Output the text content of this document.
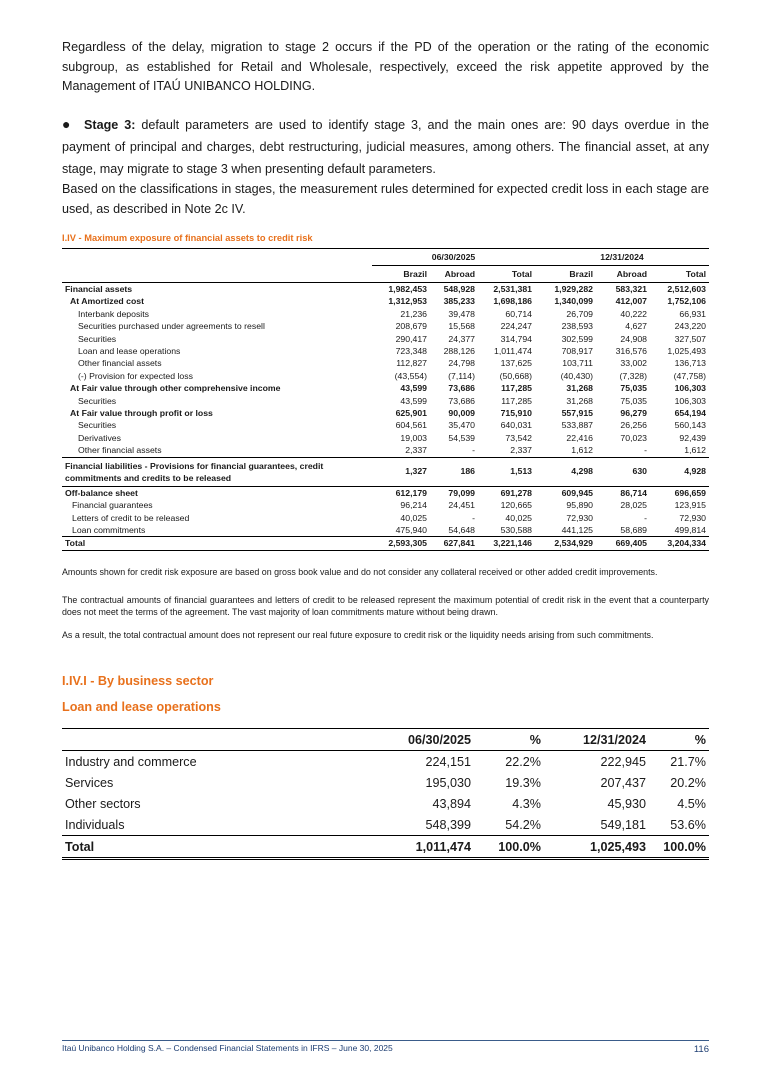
Regardless of the delay, migration to stage 2 occurs if the PD of the operation or the rating of the economic subgroup, as established for Retail and Wholesale, respectively, exceed the risk appetite approved by the Management of ITAÚ UNIBANCO HOLDING.

● Stage 3: default parameters are used to identify stage 3, and the main ones are: 90 days overdue in the payment of principal and charges, debt restructuring, judicial measures, among others. The financial asset, at any stage, may migrate to stage 3 when presenting default parameters.

Based on the classifications in stages, the measurement rules determined for expected credit loss in each stage are used, as described in Note 2c IV.

I.IV - Maximum exposure of financial assets to credit risk
	06/30/2025			12/31/2024		
	Brazil	Abroad	Total	Brazil	Abroad	Total
Financial assets	1,982,453	548,928	2,531,381	1,929,282	583,321	2,512,603
At Amortized cost	1,312,953	385,233	1,698,186	1,340,099	412,007	1,752,106
Interbank deposits	21,236	39,478	60,714	26,709	40,222	66,931
Securities purchased under agreements to resell	208,679	15,568	224,247	238,593	4,627	243,220
Securities	290,417	24,377	314,794	302,599	24,908	327,507
Loan and lease operations	723,348	288,126	1,011,474	708,917	316,576	1,025,493
Other financial assets	112,827	24,798	137,625	103,711	33,002	136,713
(-) Provision for expected loss	(43,554)	(7,114)	(50,668)	(40,430)	(7,328)	(47,758)
At Fair value through other comprehensive income	43,599	73,686	117,285	31,268	75,035	106,303
Securities	43,599	73,686	117,285	31,268	75,035	106,303
At Fair value through profit or loss	625,901	90,009	715,910	557,915	96,279	654,194
Securities	604,561	35,470	640,031	533,887	26,256	560,143
Derivatives	19,003	54,539	73,542	22,416	70,023	92,439
Other financial assets	2,337	-	2,337	1,612	-	1,612
Financial liabilities - Provisions for financial guarantees, credit commitments and credits to be released	1,327	186	1,513	4,298	630	4,928
Off-balance sheet	612,179	79,099	691,278	609,945	86,714	696,659
Financial guarantees	96,214	24,451	120,665	95,890	28,025	123,915
Letters of credit to be released	40,025	-	40,025	72,930	-	72,930
Loan commitments	475,940	54,648	530,588	441,125	58,689	499,814
Total	2,593,305	627,841	3,221,146	2,534,929	669,405	3,204,334

Amounts shown for credit risk exposure are based on gross book value and do not consider any collateral received or other added credit improvements.

The contractual amounts of financial guarantees and letters of credit to be released represent the maximum potential of credit risk in the event that a counterparty does not meet the terms of the agreement. The vast majority of loan commitments mature without being drawn.

As a result, the total contractual amount does not represent our real future exposure to credit risk or the liquidity needs arising from such commitments.

I.IV.I - By business sector
Loan and lease operations
	06/30/2025	%	12/31/2024	%
Industry and commerce	224,151	22.2%	222,945	21.7%
Services	195,030	19.3%	207,437	20.2%
Other sectors	43,894	4.3%	45,930	4.5%
Individuals	548,399	54.2%	549,181	53.6%
Total	1,011,474	100.0%	1,025,493	100.0%
Itaú Unibanco Holding S.A. – Condensed Financial Statements in IFRS – June 30, 2025	116
